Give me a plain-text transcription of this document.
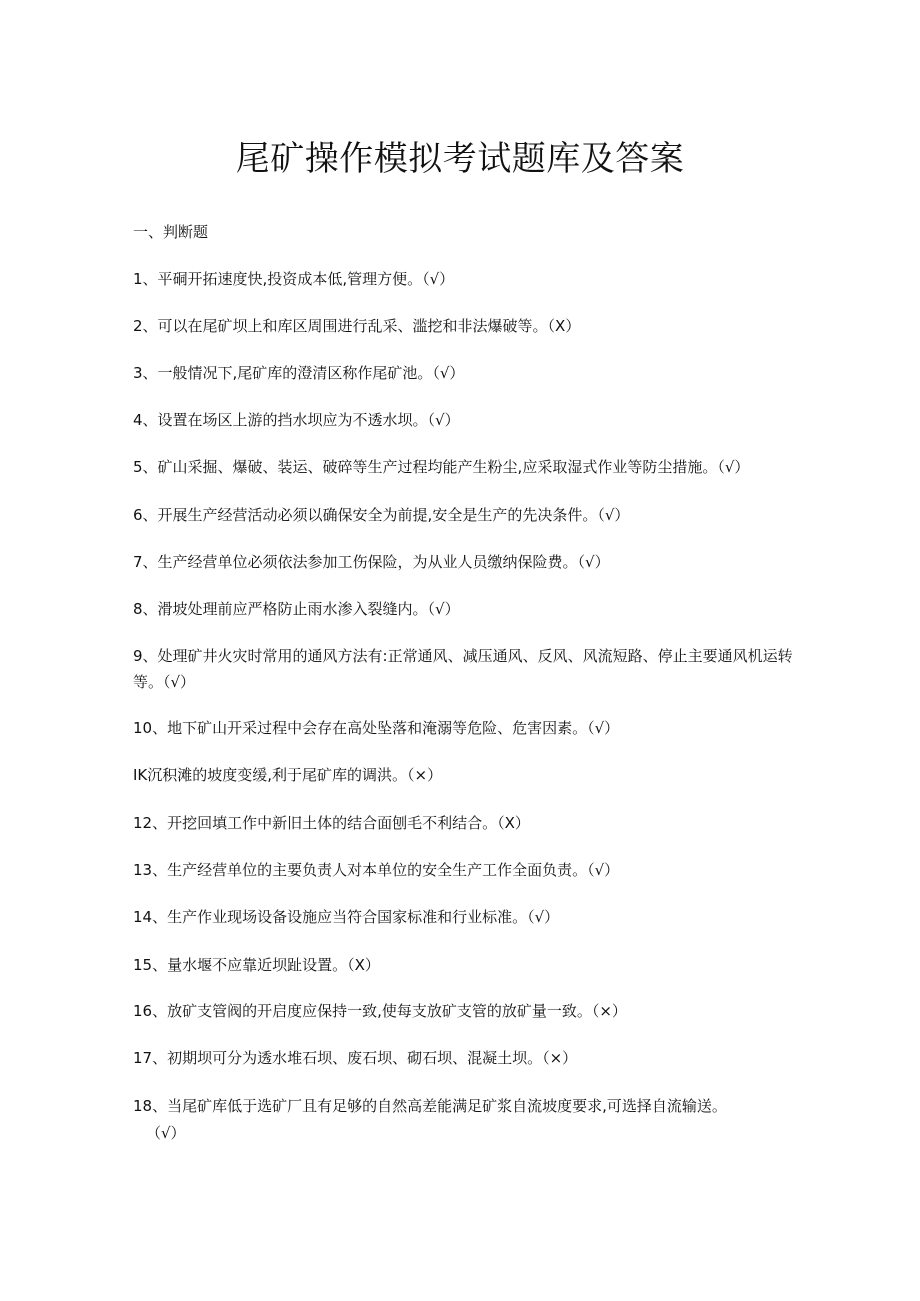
尾矿操作模拟考试题库及答案
一、判断题
1、平硐开拓速度快,投资成本低,管理方便。（√）
2、可以在尾矿坝上和库区周围进行乱采、滥挖和非法爆破等。（X）
3、一般情况下,尾矿库的澄清区称作尾矿池。（√）
4、设置在场区上游的挡水坝应为不透水坝。（√）
5、矿山采掘、爆破、装运、破碎等生产过程均能产生粉尘,应采取湿式作业等防尘措施。（√）
6、开展生产经营活动必须以确保安全为前提,安全是生产的先决条件。（√）
7、生产经营单位必须依法参加工伤保险，为从业人员缴纳保险费。（√）
8、滑坡处理前应严格防止雨水渗入裂缝内。（√）
9、处理矿井火灾时常用的通风方法有:正常通风、减压通风、反风、风流短路、停止主要通风机运转等。（√）
10、地下矿山开采过程中会存在高处坠落和淹溺等危险、危害因素。（√）
IK沉积滩的坡度变缓,利于尾矿库的调洪。（×）
12、开挖回填工作中新旧土体的结合面刨毛不利结合。（X）
13、生产经营单位的主要负责人对本单位的安全生产工作全面负责。（√）
14、生产作业现场设备设施应当符合国家标准和行业标准。（√）
15、量水堰不应靠近坝趾设置。（X）
16、放矿支管阀的开启度应保持一致,使每支放矿支管的放矿量一致。（×）
17、初期坝可分为透水堆石坝、废石坝、砌石坝、混凝土坝。（×）
18、当尾矿库低于选矿厂且有足够的自然高差能满足矿浆自流坡度要求,可选择自流输送。
（√）
